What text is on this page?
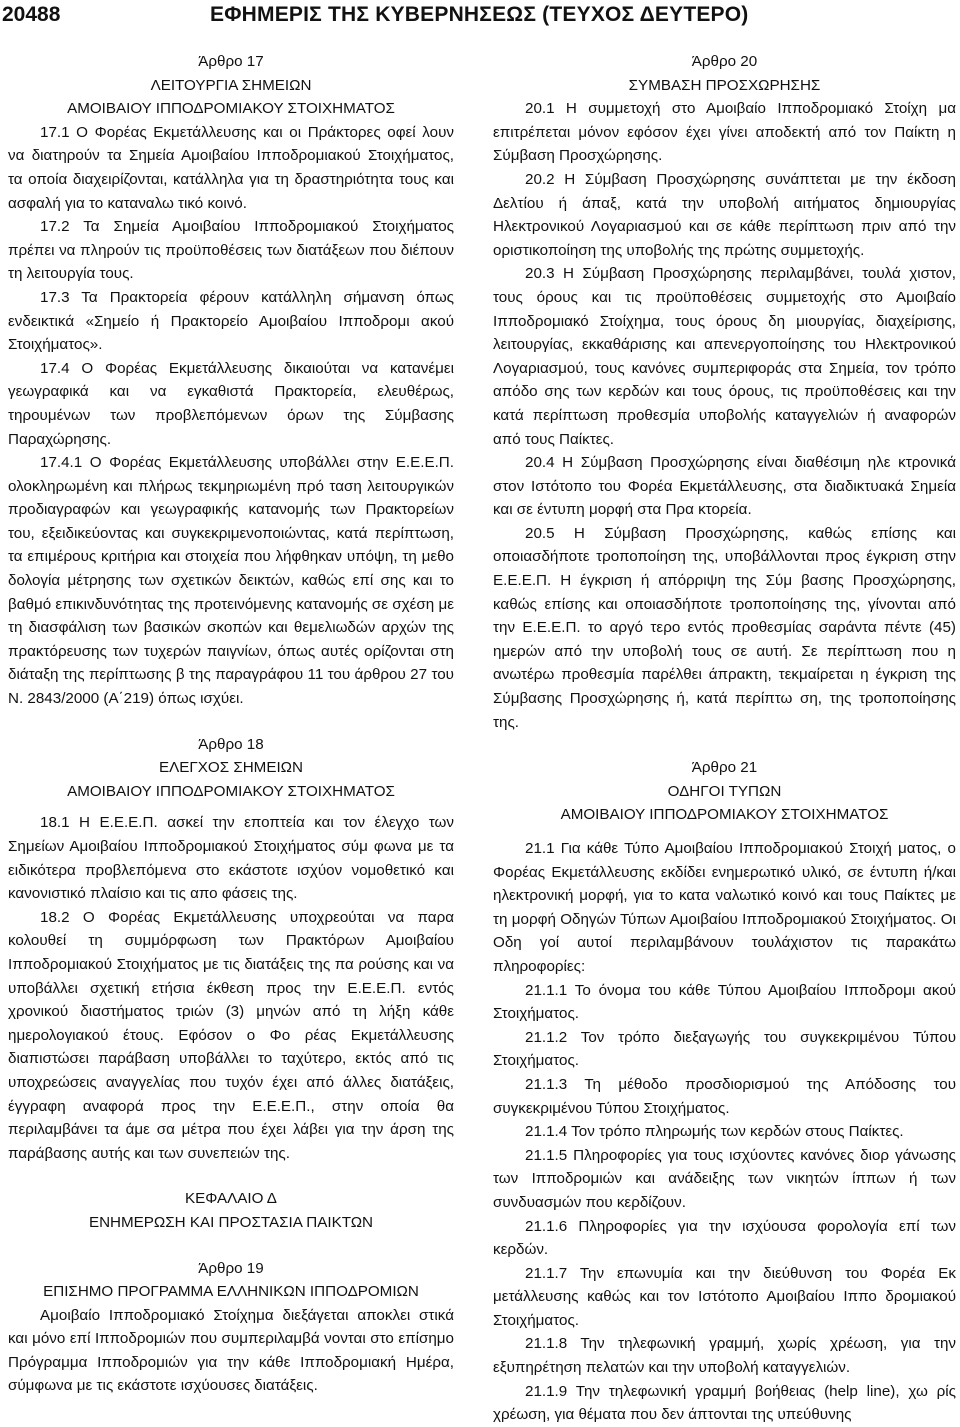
20488	ΕΦΗΜΕΡΙΣ ΤΗΣ ΚΥΒΕΡΝΗΣΕΩΣ (ΤΕΥΧΟΣ ΔΕΥΤΕΡΟ)
Άρθρο 17
ΛΕΙΤΟΥΡΓΙΑ ΣΗΜΕΙΩΝ
ΑΜΟΙΒΑΙΟΥ ΙΠΠΟΔΡΟΜΙΑΚΟΥ ΣΤΟΙΧΗΜΑΤΟΣ

17.1 Ο Φορέας Εκμετάλλευσης και οι Πράκτορες οφεί λουν να διατηρούν τα Σημεία Αμοιβαίου Ιπποδρομιακού Στοιχήματος, τα οποία διαχειρίζονται, κατάλληλα για τη δραστηριότητα τους και ασφαλή για το καταναλω τικό κοινό.

17.2 Τα Σημεία Αμοιβαίου Ιπποδρομιακού Στοιχήματος πρέπει να πληρούν τις προϋποθέσεις των διατάξεων που διέπουν τη λειτουργία τους.

17.3 Τα Πρακτορεία φέρουν κατάλληλη σήμανση όπως ενδεικτικά «Σημείο ή Πρακτορείο Αμοιβαίου Ιπποδρομι ακού Στοιχήματος».

17.4 Ο Φορέας Εκμετάλλευσης δικαιούται να κατανέμει γεωγραφικά και να εγκαθιστά Πρακτορεία, ελευθέρως, τηρουμένων των προβλεπόμενων όρων της Σύμβασης Παραχώρησης.

17.4.1 Ο Φορέας Εκμετάλλευσης υποβάλλει στην Ε.Ε.Ε.Π. ολοκληρωμένη και πλήρως τεκμηριωμένη πρό ταση λειτουργικών προδιαγραφών και γεωγραφικής κατανομής των Πρακτορείων του, εξειδικεύοντας και συγκεκριμενοποιώντας, κατά περίπτωση, τα επιμέρους κριτήρια και στοιχεία που λήφθηκαν υπόψη, τη μεθο δολογία μέτρησης των σχετικών δεικτών, καθώς επί σης και το βαθμό επικινδυνότητας της προτεινόμενης κατανομής σε σχέση με τη διασφάλιση των βασικών σκοπών και θεμελιωδών αρχών της πρακτόρευσης των τυχερών παιγνίων, όπως αυτές ορίζονται στη διάταξη της περίπτωσης β της παραγράφου 11 του άρθρου 27 του Ν. 2843/2000 (Α΄219) όπως ισχύει.

Άρθρο 18
ΕΛΕΓΧΟΣ ΣΗΜΕΙΩΝ
ΑΜΟΙΒΑΙΟΥ ΙΠΠΟΔΡΟΜΙΑΚΟΥ ΣΤΟΙΧΗΜΑΤΟΣ

18.1 Η Ε.Ε.Ε.Π. ασκεί την εποπτεία και τον έλεγχο των Σημείων Αμοιβαίου Ιπποδρομιακού Στοιχήματος σύμ φωνα με τα ειδικότερα προβλεπόμενα στο εκάστοτε ισχύον νομοθετικό και κανονιστικό πλαίσιο και τις απο φάσεις της.

18.2 Ο Φορέας Εκμετάλλευσης υποχρεούται να παρα κολουθεί τη συμμόρφωση των Πρακτόρων Αμοιβαίου Ιπποδρομιακού Στοιχήματος με τις διατάξεις της πα ρούσης και να υποβάλλει σχετική ετήσια έκθεση προς την Ε.Ε.Ε.Π. εντός χρονικού διαστήματος τριών (3) μηνών από τη λήξη κάθε ημερολογιακού έτους. Εφόσον ο Φο ρέας Εκμετάλλευσης διαπιστώσει παράβαση υποβάλλει το ταχύτερο, εκτός από τις υποχρεώσεις αναγγελίας που τυχόν έχει από άλλες διατάξεις, έγγραφη αναφορά προς την Ε.Ε.Ε.Π., στην οποία θα περιλαμβάνει τα άμε σα μέτρα που έχει λάβει για την άρση της παράβασης αυτής και των συνεπειών της.

ΚΕΦΑΛΑΙΟ Δ
ΕΝΗΜΕΡΩΣΗ ΚΑΙ ΠΡΟΣΤΑΣΙΑ ΠΑΙΚΤΩΝ
Άρθρο 19
ΕΠΙΣΗΜΟ ΠΡΟΓΡΑΜΜΑ ΕΛΛΗΝΙΚΩΝ ΙΠΠΟΔΡΟΜΙΩΝ

Αμοιβαίο Ιπποδρομιακό Στοίχημα διεξάγεται αποκλει στικά και μόνο επί Ιπποδρομιών που συμπεριλαμβά νονται στο επίσημο Πρόγραμμα Ιπποδρομιών για την κάθε Ιπποδρομιακή Ημέρα, σύμφωνα με τις εκάστοτε ισχύουσες διατάξεις.

Άρθρο 20
ΣΥΜΒΑΣΗ ΠΡΟΣΧΩΡΗΣΗΣ

20.1 Η συμμετοχή στο Αμοιβαίο Ιπποδρομιακό Στοίχη μα επιτρέπεται μόνον εφόσον έχει γίνει αποδεκτή από τον Παίκτη η Σύμβαση Προσχώρησης.

20.2 Η Σύμβαση Προσχώρησης συνάπτεται με την έκδοση Δελτίου ή άπαξ, κατά την υποβολή αιτήματος δημιουργίας Ηλεκτρονικού Λογαριασμού και σε κάθε περίπτωση πριν από την οριστικοποίηση της υποβολής της πρώτης συμμετοχής.

20.3 Η Σύμβαση Προσχώρησης περιλαμβάνει, τουλά χιστον, τους όρους και τις προϋποθέσεις συμμετοχής στο Αμοιβαίο Ιπποδρομιακό Στοίχημα, τους όρους δη μιουργίας, διαχείρισης, λειτουργίας, εκκαθάρισης και απενεργοποίησης του Ηλεκτρονικού Λογαριασμού, τους κανόνες συμπεριφοράς στα Σημεία, τον τρόπο απόδο σης των κερδών και τους όρους, τις προϋποθέσεις και την κατά περίπτωση προθεσμία υποβολής καταγγελιών ή αναφορών από τους Παίκτες.

20.4 Η Σύμβαση Προσχώρησης είναι διαθέσιμη ηλε κτρονικά στον Ιστότοπο του Φορέα Εκμετάλλευσης, στα διαδικτυακά Σημεία και σε έντυπη μορφή στα Πρα κτορεία.

20.5 Η Σύμβαση Προσχώρησης, καθώς επίσης και οποιασδήποτε τροποποίηση της, υποβάλλονται προς έγκριση στην Ε.Ε.Ε.Π. Η έγκριση ή απόρριψη της Σύμ βασης Προσχώρησης, καθώς επίσης και οποιασδήποτε τροποποίησης της, γίνονται από την Ε.Ε.Ε.Π. το αργό τερο εντός προθεσμίας σαράντα πέντε (45) ημερών από την υποβολή τους σε αυτή. Σε περίπτωση που η ανωτέρω προθεσμία παρέλθει άπρακτη, τεκμαίρεται η έγκριση της Σύμβασης Προσχώρησης ή, κατά περίπτω ση, της τροποποίησης της.

Άρθρο 21
ΟΔΗΓΟΙ ΤΥΠΩΝ
ΑΜΟΙΒΑΙΟΥ ΙΠΠΟΔΡΟΜΙΑΚΟΥ ΣΤΟΙΧΗΜΑΤΟΣ

21.1 Για κάθε Τύπο Αμοιβαίου Ιπποδρομιακού Στοιχή ματος, ο Φορέας Εκμετάλλευσης εκδίδει ενημερωτικό υλικό, σε έντυπη ή/και ηλεκτρονική μορφή, για το κατα ναλωτικό κοινό και τους Παίκτες με τη μορφή Οδηγών Τύπων Αμοιβαίου Ιπποδρομιακού Στοιχήματος. Οι Οδη γοί αυτοί περιλαμβάνουν τουλάχιστον τις παρακάτω πληροφορίες:

21.1.1 Το όνομα του κάθε Τύπου Αμοιβαίου Ιπποδρομι ακού Στοιχήματος.

21.1.2 Τον τρόπο διεξαγωγής του συγκεκριμένου Τύπου Στοιχήματος.

21.1.3 Τη μέθοδο προσδιορισμού της Απόδοσης του συγκεκριμένου Τύπου Στοιχήματος.

21.1.4 Τον τρόπο πληρωμής των κερδών στους Παίκτες.

21.1.5 Πληροφορίες για τους ισχύοντες κανόνες διορ γάνωσης των Ιπποδρομιών και ανάδειξης των νικητών ίππων ή των συνδυασμών που κερδίζουν.

21.1.6 Πληροφορίες για την ισχύουσα φορολογία επί των κερδών.

21.1.7 Την επωνυμία και την διεύθυνση του Φορέα Εκ μετάλλευσης καθώς και τον Ιστότοπο Αμοιβαίου Ιππο δρομιακού Στοιχήματος.

21.1.8 Την τηλεφωνική γραμμή, χωρίς χρέωση, για την εξυπηρέτηση πελατών και την υποβολή καταγγελιών.

21.1.9 Την τηλεφωνική γραμμή βοήθειας (help line), χω ρίς χρέωση, για θέματα που δεν άπτονται της υπεύθυνης
